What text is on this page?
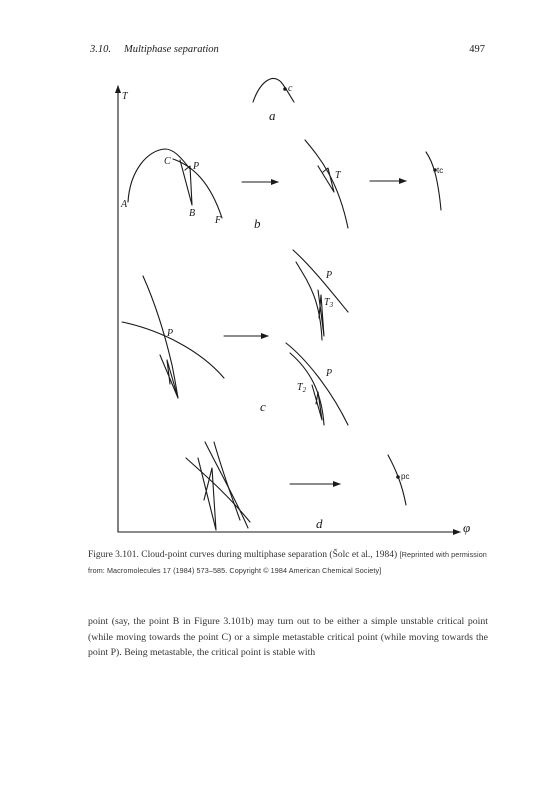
3.10. Multiphase separation	497
T
φ
c
a
C P
A
B
F
T	tc
b
P
P
$T_3$
P
$T_2$
c
pc
d
Figure 3.101. Cloud-point curves during multiphase separation (Šolc et al., 1984) [Reprinted with permission from: Macromolecules 17 (1984) 573–585. Copyright © 1984 American Chemical Society]
point (say, the point B in Figure 3.101b) may turn out to be either a simple unstable critical point (while moving towards the point C) or a simple metastable critical point (while moving towards the point P). Being metastable, the critical point is stable with
